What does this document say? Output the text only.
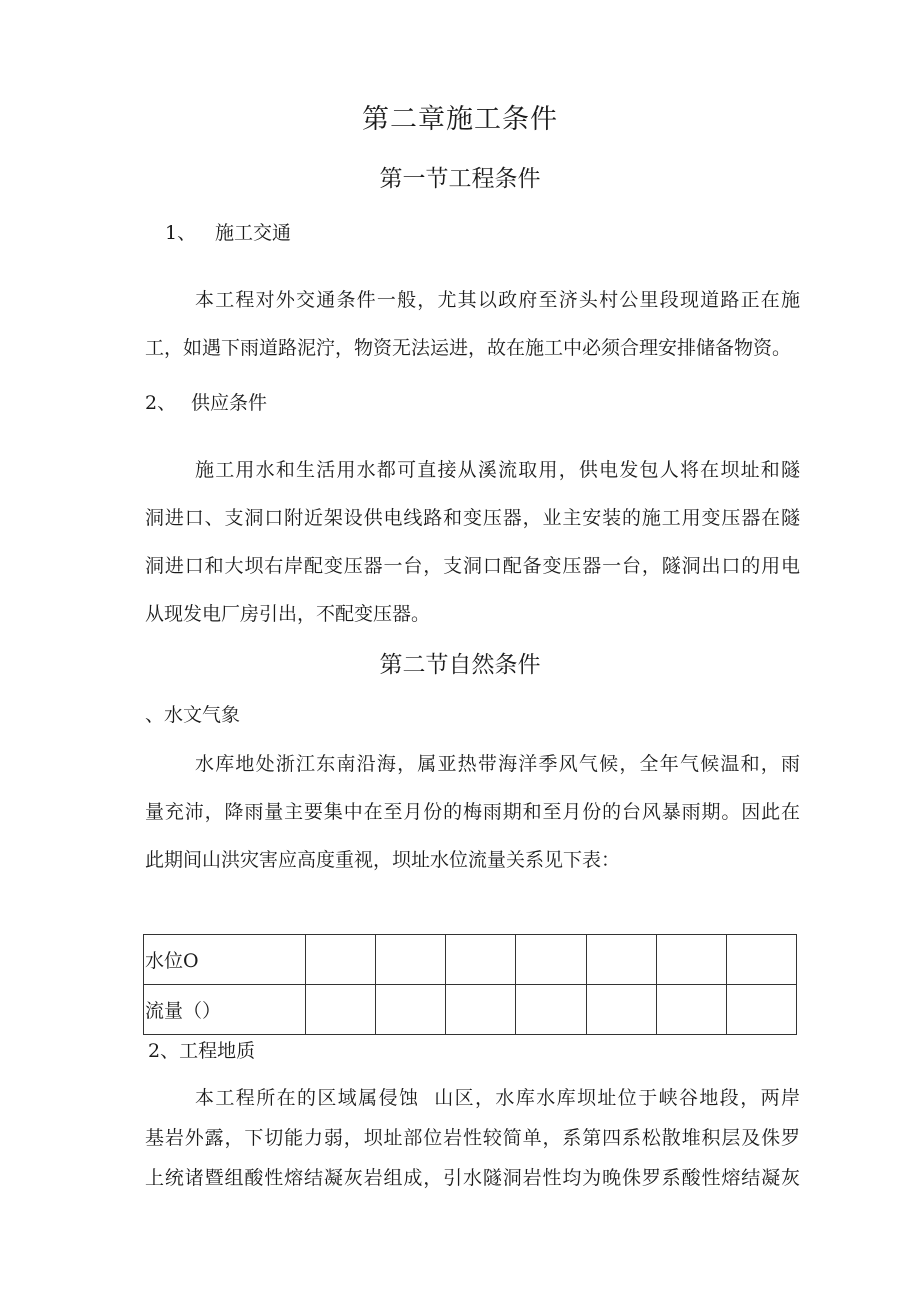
第二章施工条件
第一节工程条件
1、 施工交通
本工程对外交通条件一般，尤其以政府至济头村公里段现道路正在施
工，如遇下雨道路泥泞，物资无法运进，故在施工中必须合理安排储备物资。
2、 供应条件
施工用水和生活用水都可直接从溪流取用，供电发包人将在坝址和隧
洞进口、支洞口附近架设供电线路和变压器，业主安装的施工用变压器在隧
洞进口和大坝右岸配变压器一台，支洞口配备变压器一台，隧洞出口的用电
从现发电厂房引出，不配变压器。
第二节自然条件
、水文气象
水库地处浙江东南沿海，属亚热带海洋季风气候，全年气候温和，雨
量充沛，降雨量主要集中在至月份的梅雨期和至月份的台风暴雨期。因此在
此期间山洪灾害应高度重视，坝址水位流量关系见下表：
水位O							
流量（）							
2、工程地质
本工程所在的区域属侵蚀  山区，水库水库坝址位于峡谷地段，两岸
基岩外露，下切能力弱，坝址部位岩性较简单，系第四系松散堆积层及侏罗
上统诸暨组酸性熔结凝灰岩组成，引水隧洞岩性均为晚侏罗系酸性熔结凝灰
